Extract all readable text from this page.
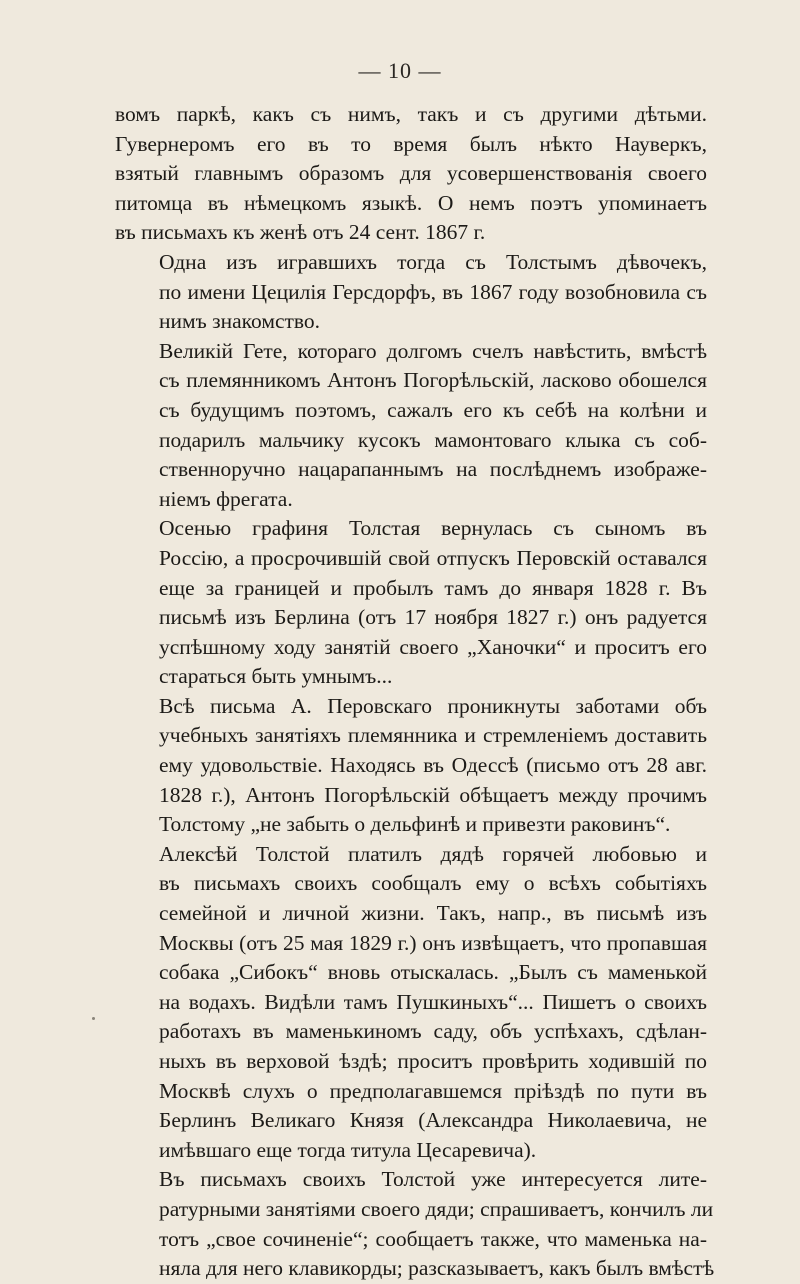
— 10 —

вомъ паркѣ, какъ съ нимъ, такъ и съ другими дѣтьми.
Гувернеромъ его въ то время былъ нѣкто Науверкъ,
взятый главнымъ образомъ для усовершенствованія своего
питомца въ нѣмецкомъ языкѣ. О немъ поэтъ упоминаетъ
въ письмахъ къ женѣ отъ 24 сент. 1867 г.

Одна изъ игравшихъ тогда съ Толстымъ дѣвочекъ,
по имени Цецилія Герсдорфъ, въ 1867 году возобновила съ
нимъ знакомство.

Великій Гете, котораго долгомъ счелъ навѣстить, вмѣстѣ
съ племянникомъ Антонъ Погорѣльскій, ласково обошелся
съ будущимъ поэтомъ, сажалъ его къ себѣ на колѣни и
подарилъ мальчику кусокъ мамонтоваго клыка съ соб-
ственноручно нацарапаннымъ на послѣднемъ изображе-
ніемъ фрегата.

Осенью графиня Толстая вернулась съ сыномъ въ
Россію, а просрочившій свой отпускъ Перовскій оставался
еще за границей и пробылъ тамъ до января 1828 г. Въ
письмѣ изъ Берлина (отъ 17 ноября 1827 г.) онъ радуется
успѣшному ходу занятій своего „Ханочки“ и проситъ его
стараться быть умнымъ...

Всѣ письма А. Перовскаго проникнуты заботами объ
учебныхъ занятіяхъ племянника и стремленіемъ доставить
ему удовольствіе. Находясь въ Одессѣ (письмо отъ 28 авг.
1828 г.), Антонъ Погорѣльскій обѣщаетъ между прочимъ
Толстому „не забыть о дельфинѣ и привезти раковинъ“.

Алексѣй Толстой платилъ дядѣ горячей любовью и
въ письмахъ своихъ сообщалъ ему о всѣхъ событіяхъ
семейной и личной жизни. Такъ, напр., въ письмѣ изъ
Москвы (отъ 25 мая 1829 г.) онъ извѣщаетъ, что пропавшая
собака „Сибокъ“ вновь отыскалась. „Былъ съ маменькой
на водахъ. Видѣли тамъ Пушкиныхъ“... Пишетъ о своихъ
работахъ въ маменькиномъ саду, объ успѣхахъ, сдѣлан-
ныхъ въ верховой ѣздѣ; проситъ провѣрить ходившій по
Москвѣ слухъ о предполагавшемся пріѣздѣ по пути въ
Берлинъ Великаго Князя (Александра Николаевича, не
имѣвшаго еще тогда титула Цесаревича).

Въ письмахъ своихъ Толстой уже интересуется лите-
ратурными занятіями своего дяди; спрашиваетъ, кончилъ ли
тотъ „свое сочиненіе“; сообщаетъ также, что маменька на-
няла для него клавикорды; разсказываетъ, какъ былъ вмѣстѣ
